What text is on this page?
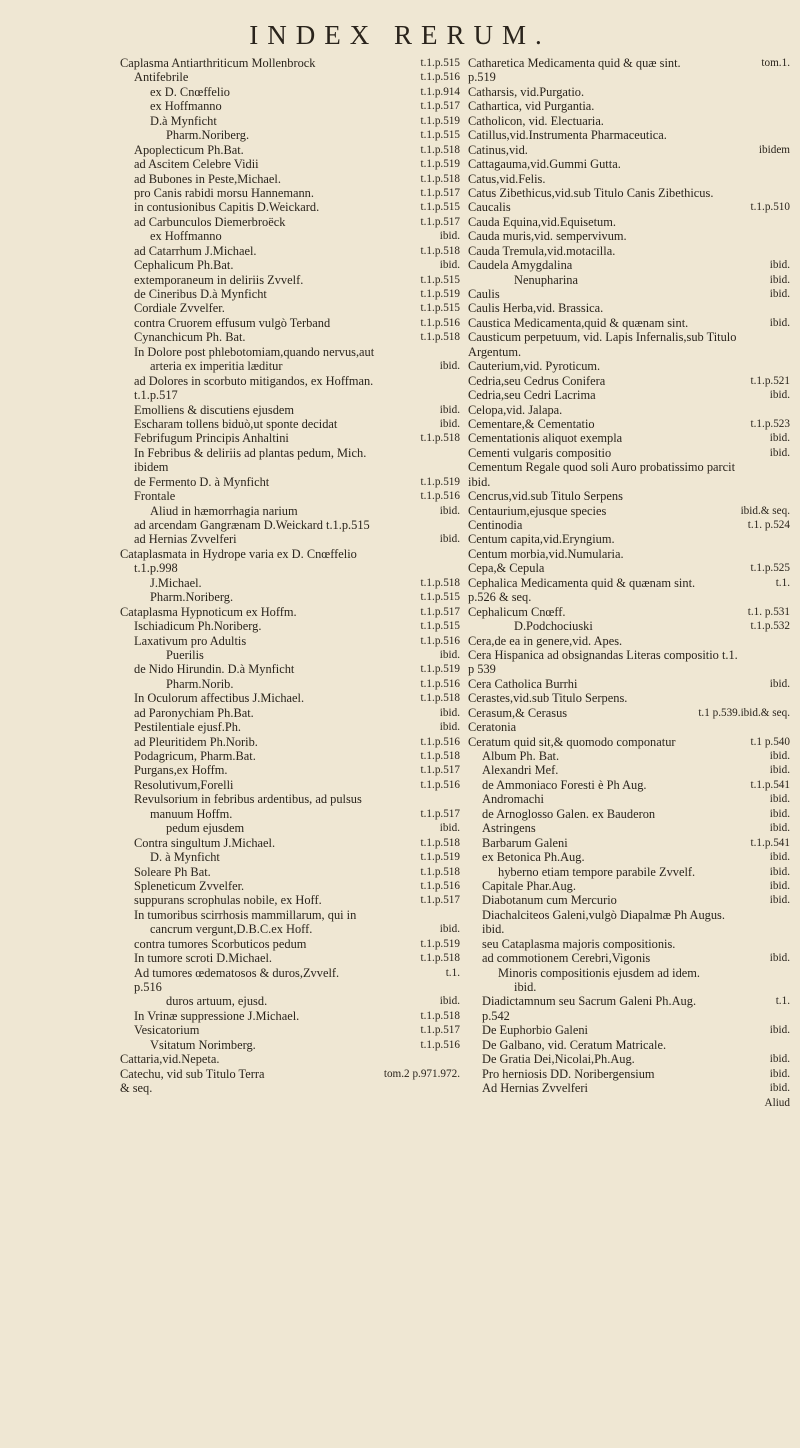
INDEX RERUM.
Caplasma Antiarthriticum Mollenbrock	t.1.p.515
Antifebrile	t.1.p.516
ex D. Cnœffelio	t.1.p.914
ex Hoffmanno	t.1.p.517
D.à Mynficht	t.1.p.519
Pharm.Noriberg.	t.1.p.515
Apoplecticum Ph.Bat.	t.1.p.518
ad Ascitem Celebre Vidii	t.1.p.519
ad Bubones in Peste,Michael.	t.1.p.518
pro Canis rabidi morsu Hannemann.	t.1.p.517
in contusionibus Capitis D.Weickard.	t.1.p.515
ad Carbunculos Diemerbroëck	t.1.p.517
ex Hoffmanno	ibid.
ad Catarrhum J.Michael.	t.1.p.518
Cephalicum Ph.Bat.	ibid.
extemporaneum in deliriis Zvvelf.	t.1.p.515
de Cineribus D.à Mynficht	t.1.p.519
Cordiale Zvvelfer.	t.1.p.515
contra Cruorem effusum vulgò Terband	t.1.p.516
Cynanchicum Ph. Bat.	t.1.p.518
In Dolore post phlebotomiam,quando nervus,aut
arteria ex imperitia læditur	ibid.
ad Dolores in scorbuto mitigandos, ex Hoffman.
t.1.p.517
Emolliens & discutiens ejusdem	ibid.
Escharam tollens biduò,ut sponte decidat	ibid.
Febrifugum Principis Anhaltini	t.1.p.518
In Febribus & deliriis ad plantas pedum, Mich.
ibidem
de Fermento D. à Mynficht	t.1.p.519
Frontale	t.1.p.516
Aliud in hæmorrhagia narium	ibid.
ad arcendam Gangrænam D.Weickard t.1.p.515
ad Hernias Zvvelferi	ibid.
Cataplasmata in Hydrope varia ex D. Cnœffelio
t.1.p.998
J.Michael.	t.1.p.518
Pharm.Noriberg.	t.1.p.515
Cataplasma Hypnoticum ex Hoffm.	t.1.p.517
Ischiadicum Ph.Noriberg.	t.1.p.515
Laxativum pro Adultis	t.1.p.516
Puerilis	ibid.
de Nido Hirundin. D.à Mynficht	t.1.p.519
Pharm.Norib.	t.1.p.516
In Oculorum affectibus J.Michael.	t.1.p.518
ad Paronychiam Ph.Bat.	ibid.
Pestilentiale ejusf.Ph.	ibid.
ad Pleuritidem Ph.Norib.	t.1.p.516
Podagricum, Pharm.Bat.	t.1.p.518
Purgans,ex Hoffm.	t.1.p.517
Resolutivum,Forelli	t.1.p.516
Revulsorium in febribus ardentibus, ad pulsus
manuum Hoffm.	t.1.p.517
pedum ejusdem	ibid.
Contra singultum J.Michael.	t.1.p.518
D. à Mynficht	t.1.p.519
Soleare Ph Bat.	t.1.p.518
Spleneticum Zvvelfer.	t.1.p.516
suppurans scrophulas nobile, ex Hoff.	t.1.p.517
In tumoribus scirrhosis mammillarum, qui in
cancrum vergunt,D.B.C.ex Hoff.	ibid.
contra tumores Scorbuticos pedum	t.1.p.519
In tumore scroti D.Michael.	t.1.p.518
Ad tumores œdematosos & duros,Zvvelf.	t.1.
p.516
duros artuum, ejusd.	ibid.
In Vrinæ suppressione J.Michael.	t.1.p.518
Vesicatorium	t.1.p.517
Vsitatum Norimberg.	t.1.p.516
Cattaria,vid.Nepeta.
Catechu, vid sub Titulo Terra	tom.2 p.971.972.
& seq.
Catharetica Medicamenta quid & quæ sint.	tom.1.
p.519
Catharsis, vid.Purgatio.
Cathartica, vid Purgantia.
Catholicon, vid. Electuaria.
Catillus,vid.Instrumenta Pharmaceutica.
Catinus,vid.	ibidem
Cattagauma,vid.Gummi Gutta.
Catus,vid.Felis.
Catus Zibethicus,vid.sub Titulo Canis Zibethicus.
Caucalis	t.1.p.510
Cauda Equina,vid.Equisetum.
Cauda muris,vid. sempervivum.
Cauda Tremula,vid.motacilla.
Caudela Amygdalina	ibid.
Nenupharina	ibid.
Caulis	ibid.
Caulis Herba,vid. Brassica.
Caustica Medicamenta,quid & quænam sint.	ibid.
Causticum perpetuum, vid. Lapis Infernalis,sub Titulo
Argentum.
Cauterium,vid. Pyroticum.
Cedria,seu Cedrus Conifera	t.1.p.521
Cedria,seu Cedri Lacrima	ibid.
Celopa,vid. Jalapa.
Cementare,& Cementatio	t.1.p.523
Cementationis aliquot exempla	ibid.
Cementi vulgaris compositio	ibid.
Cementum Regale quod soli Auro probatissimo parcit
ibid.
Cencrus,vid.sub Titulo Serpens
Centaurium,ejusque species	ibid.& seq.
Centinodia	t.1. p.524
Centum capita,vid.Eryngium.
Centum morbia,vid.Numularia.
Cepa,& Cepula	t.1.p.525
Cephalica Medicamenta quid & quænam sint.	t.1.
p.526 & seq.
Cephalicum Cnœff.	t.1. p.531
D.Podchociuski	t.1.p.532
Cera,de ea in genere,vid. Apes.
Cera Hispanica ad obsignandas Literas compositio t.1.
p 539
Cera Catholica Burrhi	ibid.
Cerastes,vid.sub Titulo Serpens.
Cerasum,& Cerasus	t.1 p.539.ibid.& seq.
Ceratonia
Ceratum quid sit,& quomodo componatur	t.1 p.540
Album Ph. Bat.	ibid.
Alexandri Mef.	ibid.
de Ammoniaco Foresti è Ph Aug.	t.1.p.541
Andromachi	ibid.
de Arnoglosso Galen. ex Bauderon	ibid.
Astringens	ibid.
Barbarum Galeni	t.1.p.541
ex Betonica Ph.Aug.	ibid.
hyberno etiam tempore parabile Zvvelf.	ibid.
Capitale Phar.Aug.	ibid.
Diabotanum cum Mercurio	ibid.
Diachalciteos Galeni,vulgò Diapalmæ Ph Augus.
ibid.
seu Cataplasma majoris compositionis.
ad commotionem Cerebri,Vigonis	ibid.
Minoris compositionis ejusdem ad idem.
ibid.
Diadictamnum seu Sacrum Galeni Ph.Aug.	t.1.
p.542
De Euphorbio Galeni	ibid.
De Galbano, vid. Ceratum Matricale.
De Gratia Dei,Nicolai,Ph.Aug.	ibid.
Pro herniosis DD. Noribergensium	ibid.
Ad Hernias Zvvelferi	ibid.
Aliud
